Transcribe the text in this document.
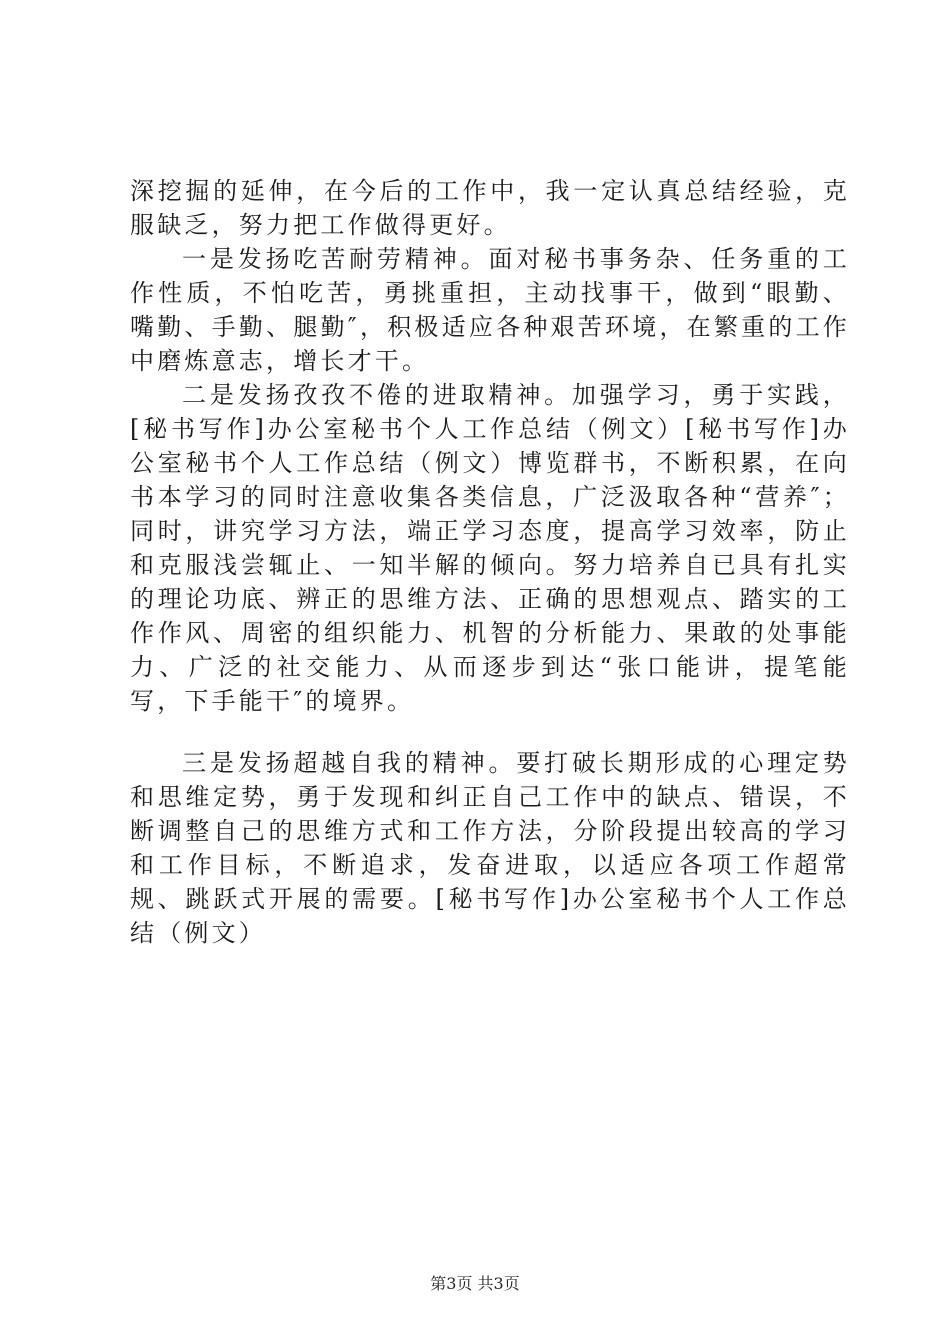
深挖掘的延伸，在今后的工作中，我一定认真总结经验，克服缺乏，努力把工作做得更好。

一是发扬吃苦耐劳精神。面对秘书事务杂、任务重的工作性质，不怕吃苦，勇挑重担，主动找事干，做到“眼勤、嘴勤、手勤、腿勤″，积极适应各种艰苦环境，在繁重的工作中磨炼意志，增长才干。

二是发扬孜孜不倦的进取精神。加强学习，勇于实践，[秘书写作]办公室秘书个人工作总结（例文）[秘书写作]办公室秘书个人工作总结（例文）博览群书，不断积累，在向书本学习的同时注意收集各类信息，广泛汲取各种“营养″；同时，讲究学习方法，端正学习态度，提高学习效率，防止和克服浅尝辄止、一知半解的倾向。努力培养自已具有扎实的理论功底、辨正的思维方法、正确的思想观点、踏实的工作作风、周密的组织能力、机智的分析能力、果敢的处事能力、广泛的社交能力、从而逐步到达“张口能讲，提笔能写，下手能干″的境界。

三是发扬超越自我的精神。要打破长期形成的心理定势和思维定势，勇于发现和纠正自己工作中的缺点、错误，不断调整自己的思维方式和工作方法，分阶段提出较高的学习和工作目标，不断追求，发奋进取，以适应各项工作超常规、跳跃式开展的需要。[秘书写作]办公室秘书个人工作总结（例文）

第3页 共3页
